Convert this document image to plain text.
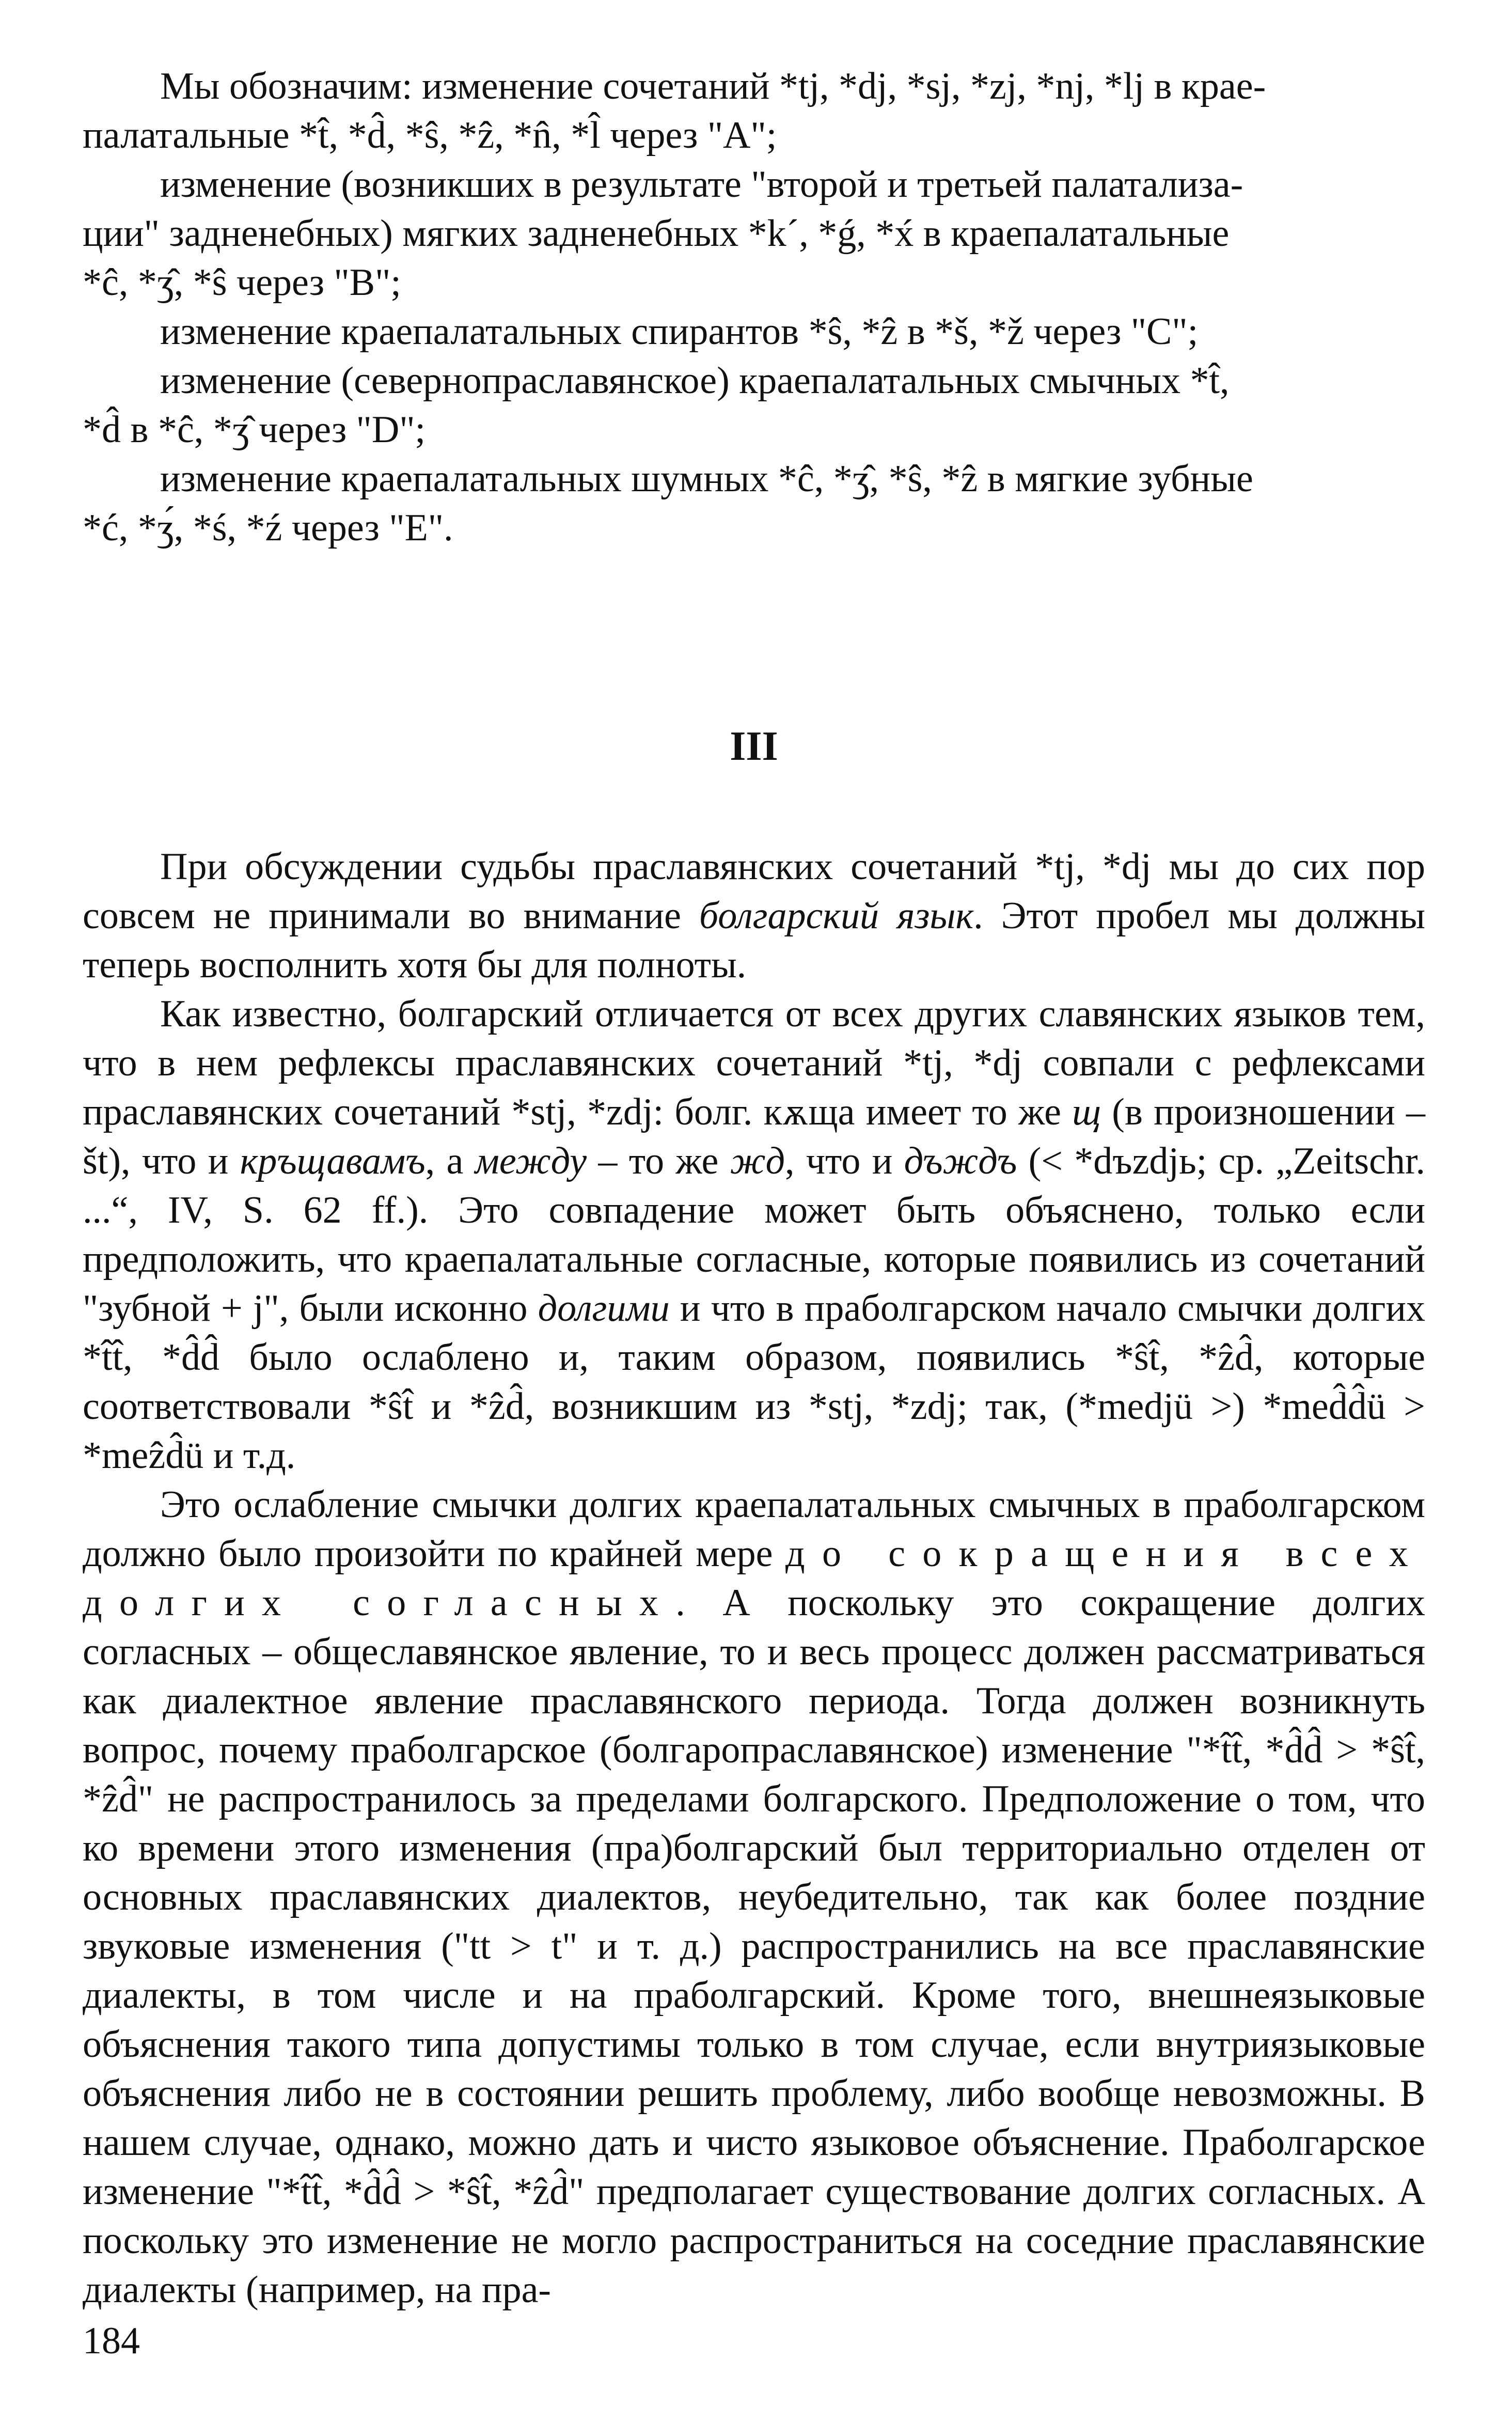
Мы обозначим: изменение сочетаний *tj, *dj, *sj, *zj, *nj, *lj в крае-

палатальные *t̂, *d̂, *ŝ, *ẑ, *n̂, *l̂ через "A";

изменение (возникших в результате "второй и третьей палатализа-

ции" задненебных) мягких задненебных *k´, *ǵ, *x́ в крaепалатальные

*ĉ, *ʒ̂, *ŝ через "B";

изменение краепалатальных спирантов *ŝ, *ẑ в *š, *ž через "C";

изменение (севернопраславянское) краепалатальных смычных *t̂,

*d̂ в *ĉ, *ʒ̂ через "D";

изменение краепалатальных шумных *ĉ, *ʒ̂, *ŝ, *ẑ в мягкие зубные

*ć, *ʒ́, *ś, *ź через "E".

III

При обсуждении судьбы праславянских сочетаний *tj, *dj мы до сих пор совсем не принимали во внимание болгарский язык. Этот пробел мы должны теперь восполнить хотя бы для полноты.

Как известно, болгарский отличается от всех других славянских языков тем, что в нем рефлексы праславянских сочетаний *tj, *dj совпали с рефлексами праславянских сочетаний *stj, *zdj: болг. кѫща имеет то же щ (в произношении – št), что и кръщавамъ, а между – то же жд, что и дъждъ (< *dъzdjь; ср. „Zeitschr. ...“, IV, S. 62 ff.). Это совпадение может быть объяснено, только если предположить, что краепалатальные согласные, которые появились из сочетаний "зубной + j", были исконно долгими и что в праболгарском начало смычки долгих *t̂t̂, *d̂d̂ было ослаблено и, таким образом, появились *ŝt̂, *ẑd̂, которые соответствовали *ŝt̂ и *ẑd̂, возникшим из *stj, *zdj; так, (*medjü >) *med̂d̂ü > *meẑd̂ü и т.д.

Это ослабление смычки долгих краепалатальных смычных в праболгарском должно было произойти по крайней мере до сокращения всех долгих согласных. А поскольку это сокращение долгих согласных – общеславянское явление, то и весь процесс должен рассматриваться как диалектное явление праславянского периода. Тогда должен возникнуть вопрос, почему праболгарское (болгаропраславянское) изменение "*t̂t̂, *d̂d̂ > *ŝt̂, *ẑd̂" не распространилось за пределами болгарского. Предположение о том, что ко времени этого изменения (пра)болгарский был территориально отделен от основных праславянских диалектов, неубедительно, так как более поздние звуковые изменения ("tt > t" и т. д.) распространились на все праславянские диалекты, в том числе и на праболгарский. Кроме того, внешнеязыковые объяснения такого типа допустимы только в том случае, если внутриязыковые объяснения либо не в состоянии решить проблему, либо вообще невозможны. В нашем случае, однако, можно дать и чисто языковое объяснение. Праболгарское изменение "*t̂t̂, *d̂d̂ > *ŝt̂, *ẑd̂" предполагает существование долгих согласных. А поскольку это изменение не могло распространиться на соседние праславянские диалекты (например, на пра-

184
